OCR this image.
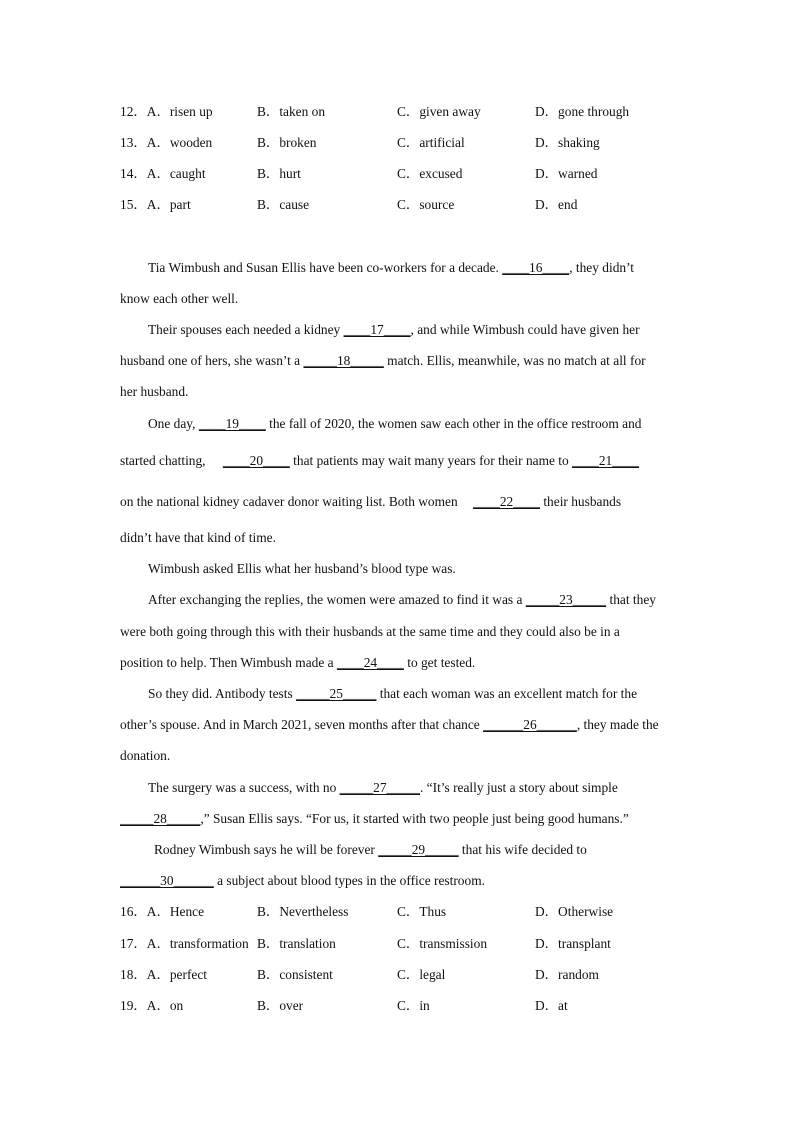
12．A．risen up	B．taken on	C．given away	D．gone through
13．A．wooden	B．broken	C．artificial	D．shaking
14．A．caught	B．hurt	C．excused	D．warned
15．A．part	B．cause	C．source	D．end
Tia Wimbush and Susan Ellis have been co-workers for a decade. ____16____, they didn’t
know each other well.
Their spouses each needed a kidney ____17____, and while Wimbush could have given her
husband one of hers, she wasn’t a _____18_____ match. Ellis, meanwhile, was no match at all for
her husband.
One day, ____19____ the fall of 2020, the women saw each other in the office restroom and
started chatting, ____20____ that patients may wait many years for their name to ____21____
on the national kidney cadaver donor waiting list. Both women ____22____ their husbands
didn’t have that kind of time.
Wimbush asked Ellis what her husband’s blood type was.
After exchanging the replies, the women were amazed to find it was a _____23_____ that they
were both going through this with their husbands at the same time and they could also be in a
position to help. Then Wimbush made a ____24____ to get tested.
So they did. Antibody tests _____25_____ that each woman was an excellent match for the
other’s spouse. And in March 2021, seven months after that chance ______26______, they made the
donation.
The surgery was a success, with no _____27_____. “It’s really just a story about simple
_____28_____,” Susan Ellis says. “For us, it started with two people just being good humans.”
Rodney Wimbush says he will be forever _____29_____ that his wife decided to
______30______ a subject about blood types in the office restroom.
16．A．Hence	B．Nevertheless	C．Thus	D．Otherwise
17．A．transformation B．translation	C．transmission	D．transplant
18．A．perfect	B．consistent	C．legal	D．random
19．A．on	B．over	C．in	D．at
